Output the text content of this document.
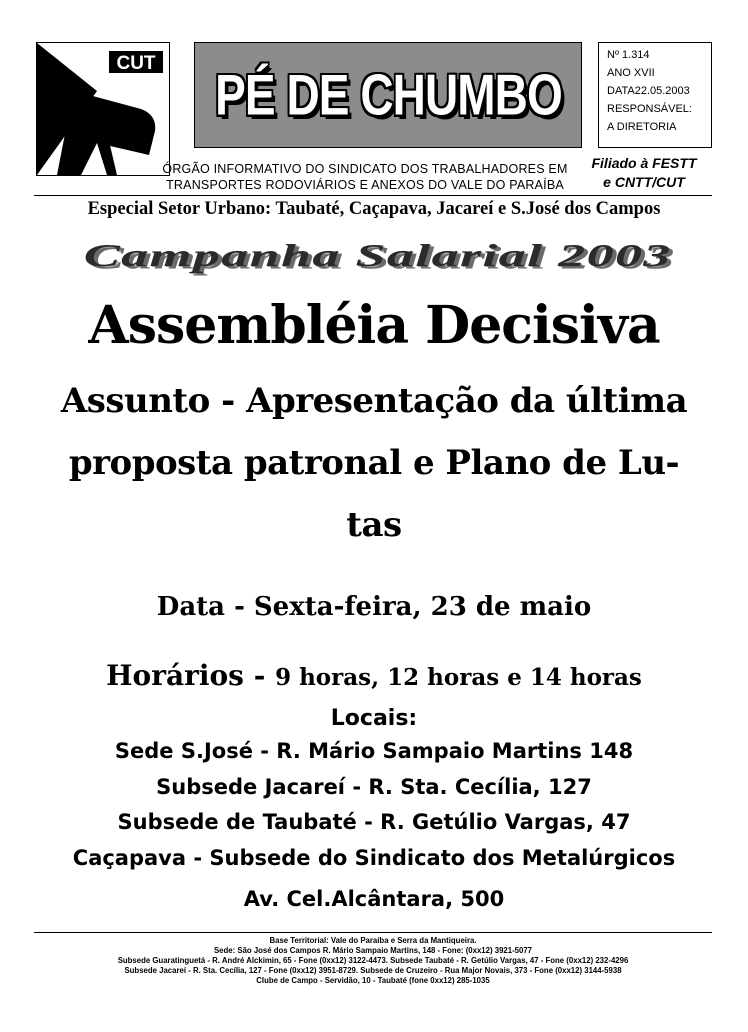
CUT PÉ DE CHUMBO
Nº 1.314
ANO XVII
DATA22.05.2003
RESPONSÁVEL:
A DIRETORIA
ÓRGÃO INFORMATIVO DO SINDICATO DOS TRABALHADORES EM
TRANSPORTES RODOVIÁRIOS E ANEXOS DO VALE DO PARAÍBA
Filiado à FESTT
e CNTT/CUT
Especial Setor Urbano: Taubaté, Caçapava, Jacareí e S.José dos Campos
Campanha Salarial 2003
Assembléia Decisiva
Assunto - Apresentação da última
proposta patronal e Plano de Lu-
tas
Data - Sexta-feira, 23 de maio
Horários - 9 horas, 12 horas e 14 horas
Locais:
Sede S.José - R. Mário Sampaio Martins 148
Subsede Jacareí - R. Sta. Cecília, 127
Subsede de Taubaté - R. Getúlio Vargas, 47
Caçapava - Subsede do Sindicato dos Metalúrgicos
Av. Cel.Alcântara, 500
Base Territorial: Vale do Paraíba e Serra da Mantiqueira.
Sede: São José dos Campos R. Mário Sampaio Martins, 148 - Fone: (0xx12) 3921-5077
Subsede Guaratinguetá - R. André Alckimin, 65 - Fone (0xx12) 3122-4473. Subsede Taubaté - R. Getúlio Vargas, 47 - Fone (0xx12) 232-4296
Subsede Jacareí - R. Sta. Cecília, 127 - Fone (0xx12) 3951-8729. Subsede de Cruzeiro - Rua Major Novais, 373 - Fone (0xx12) 3144-5938
Clube de Campo - Servidão, 10 - Taubaté (fone 0xx12) 285-1035
